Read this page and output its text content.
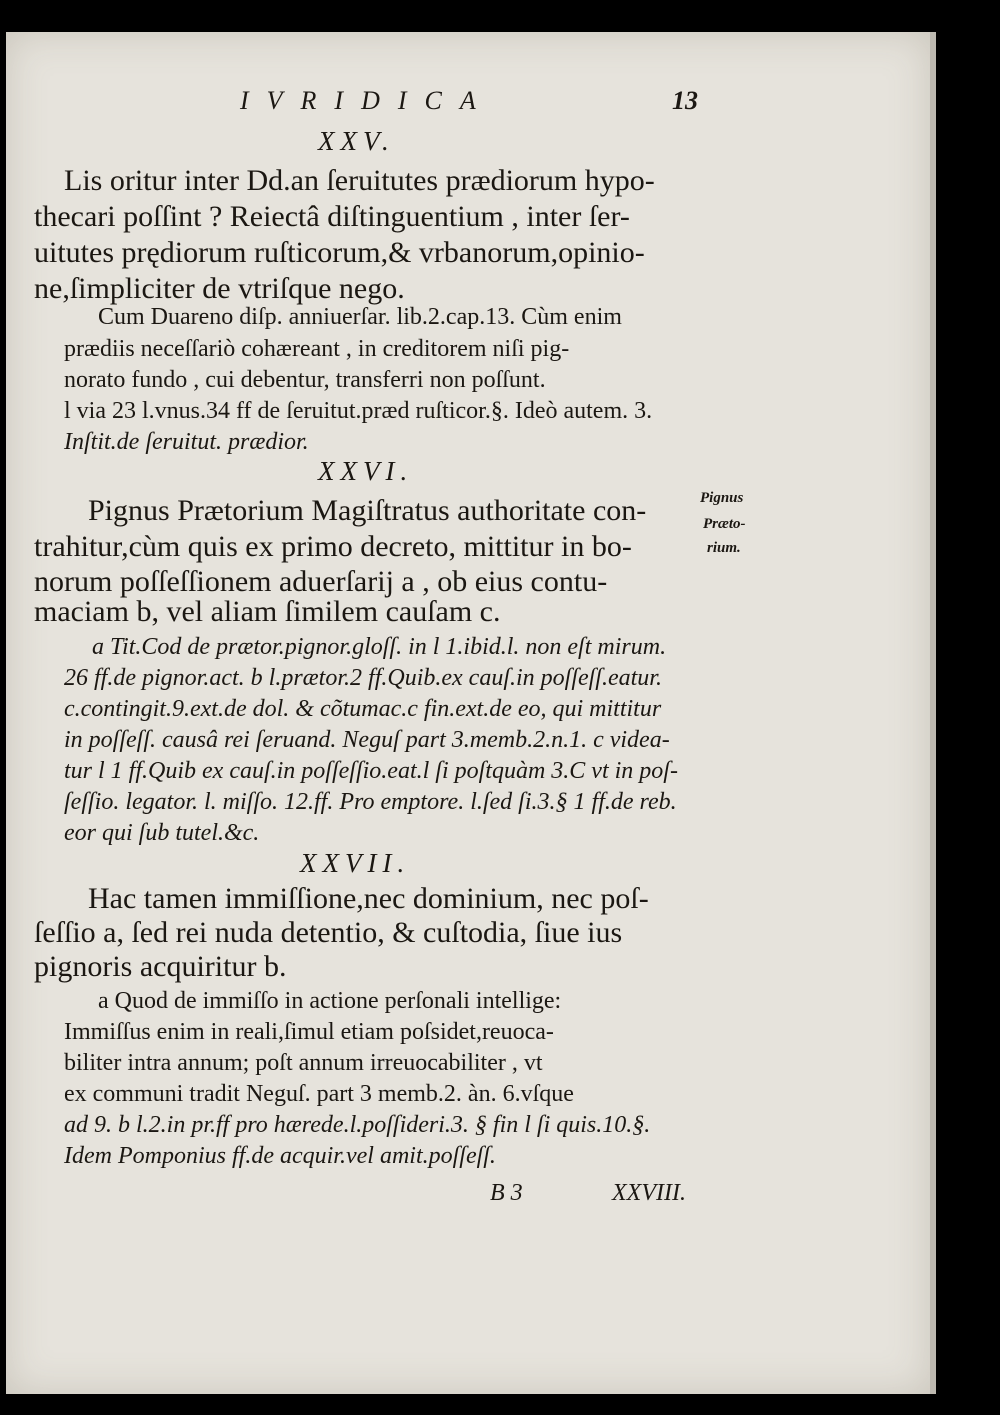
IVRIDICA	13
XXV.
Lis oritur inter Dd.an ſeruitutes prædiorum hypo-
thecari poſſint ? Reiectâ diſtinguentium , inter ſer-
uitutes prędiorum ruſticorum,& vrbanorum,opinio-
ne,ſimpliciter de vtriſque nego.
Cum Duareno diſp. anniuerſar. lib.2.cap.13. Cùm enim
prædiis neceſſariò cohæreant , in creditorem niſi pig-
norato fundo , cui debentur, transferri non poſſunt.
l via 23 l.vnus.34 ff de ſeruitut.præd ruſticor.§. Ideò autem. 3.
Inſtit.de ſeruitut. prædior.
XXVI.
Pignus Prætorium Magiſtratus authoritate con-
trahitur,cùm quis ex primo decreto, mittitur in bo-
norum poſſeſſionem aduerſarij a , ob eius contu-
maciam b, vel aliam ſimilem cauſam c.
Pignus
Præto-
rium.
a Tit.Cod de prætor.pignor.gloſſ. in l 1.ibid.l. non eſt mirum.
26 ff.de pignor.act. b l.prætor.2 ff.Quib.ex cauſ.in poſſeſſ.eatur.
c.contingit.9.ext.de dol. & cõtumac.c fin.ext.de eo, qui mittitur
in poſſeſſ. causâ rei ſeruand. Neguſ part 3.memb.2.n.1. c videa-
tur l 1 ff.Quib ex cauſ.in poſſeſſio.eat.l ſi poſtquàm 3.C vt in poſ-
ſeſſio. legator. l. miſſo. 12.ff. Pro emptore. l.ſed ſi.3.§ 1 ff.de reb.
eor qui ſub tutel.&c.
XXVII.
Hac tamen immiſſione,nec dominium, nec poſ-
ſeſſio a, ſed rei nuda detentio, & cuſtodia, ſiue ius
pignoris acquiritur b.
a Quod de immiſſo in actione perſonali intellige:
Immiſſus enim in reali,ſimul etiam poſsidet,reuoca-
biliter intra annum; poſt annum irreuocabiliter , vt
ex communi tradit Neguſ. part 3 memb.2. àn. 6.vſque
ad 9. b l.2.in pr.ff pro hærede.l.poſſideri.3. § fin l ſi quis.10.§.
Idem Pomponius ff.de acquir.vel amit.poſſeſſ.
B 3	XXVIII.
